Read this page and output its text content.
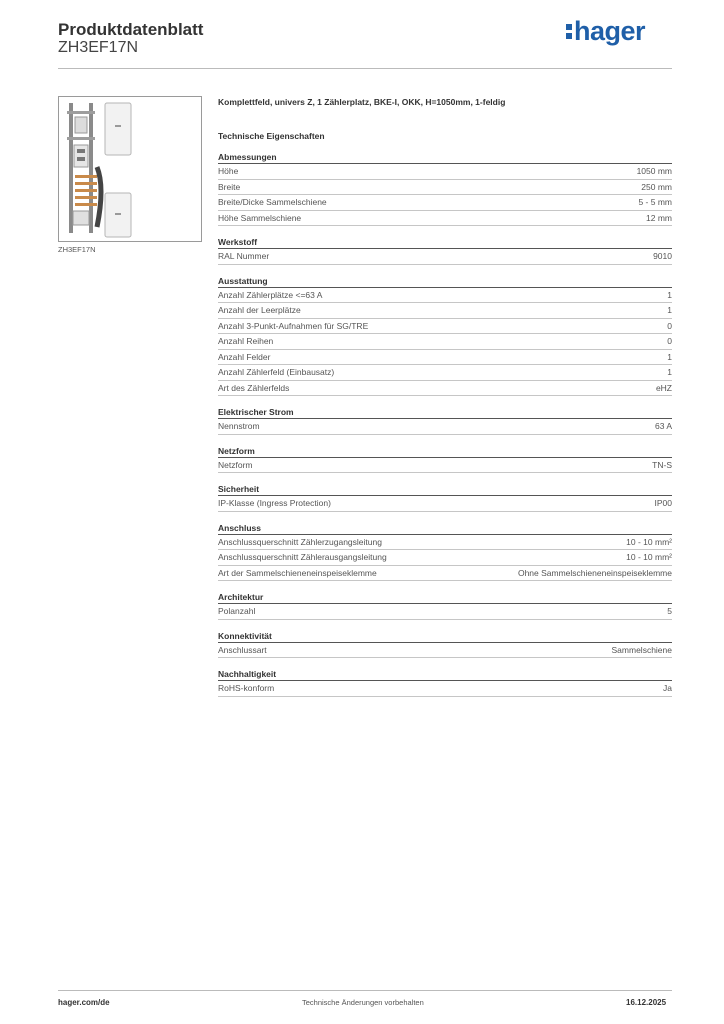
Produktdatenblatt
ZH3EF17N
hager
ZH3EF17N
Komplettfeld, univers Z, 1 Zählerplatz, BKE-I, OKK, H=1050mm, 1-feldig
Technische Eigenschaften
Abmessungen
Höhe	1050 mm
Breite	250 mm
Breite/Dicke Sammelschiene	5 - 5 mm
Höhe Sammelschiene	12 mm
Werkstoff
RAL Nummer	9010
Ausstattung
Anzahl Zählerplätze <=63 A	1
Anzahl der Leerplätze	1
Anzahl 3-Punkt-Aufnahmen für SG/TRE	0
Anzahl Reihen	0
Anzahl Felder	1
Anzahl Zählerfeld (Einbausatz)	1
Art des Zählerfelds	eHZ
Elektrischer Strom
Nennstrom	63 A
Netzform
Netzform	TN-S
Sicherheit
IP-Klasse (Ingress Protection)	IP00
Anschluss
Anschlussquerschnitt Zählerzugangsleitung	10 - 10 mm²
Anschlussquerschnitt Zählerausgangsleitung	10 - 10 mm²
Art der Sammelschieneneinspeiseklemme	Ohne Sammelschieneneinspeiseklemme
Architektur
Polanzahl	5
Konnektivität
Anschlussart	Sammelschiene
Nachhaltigkeit
RoHS-konform	Ja
hager.com/de	Technische Änderungen vorbehalten	16.12.2025
